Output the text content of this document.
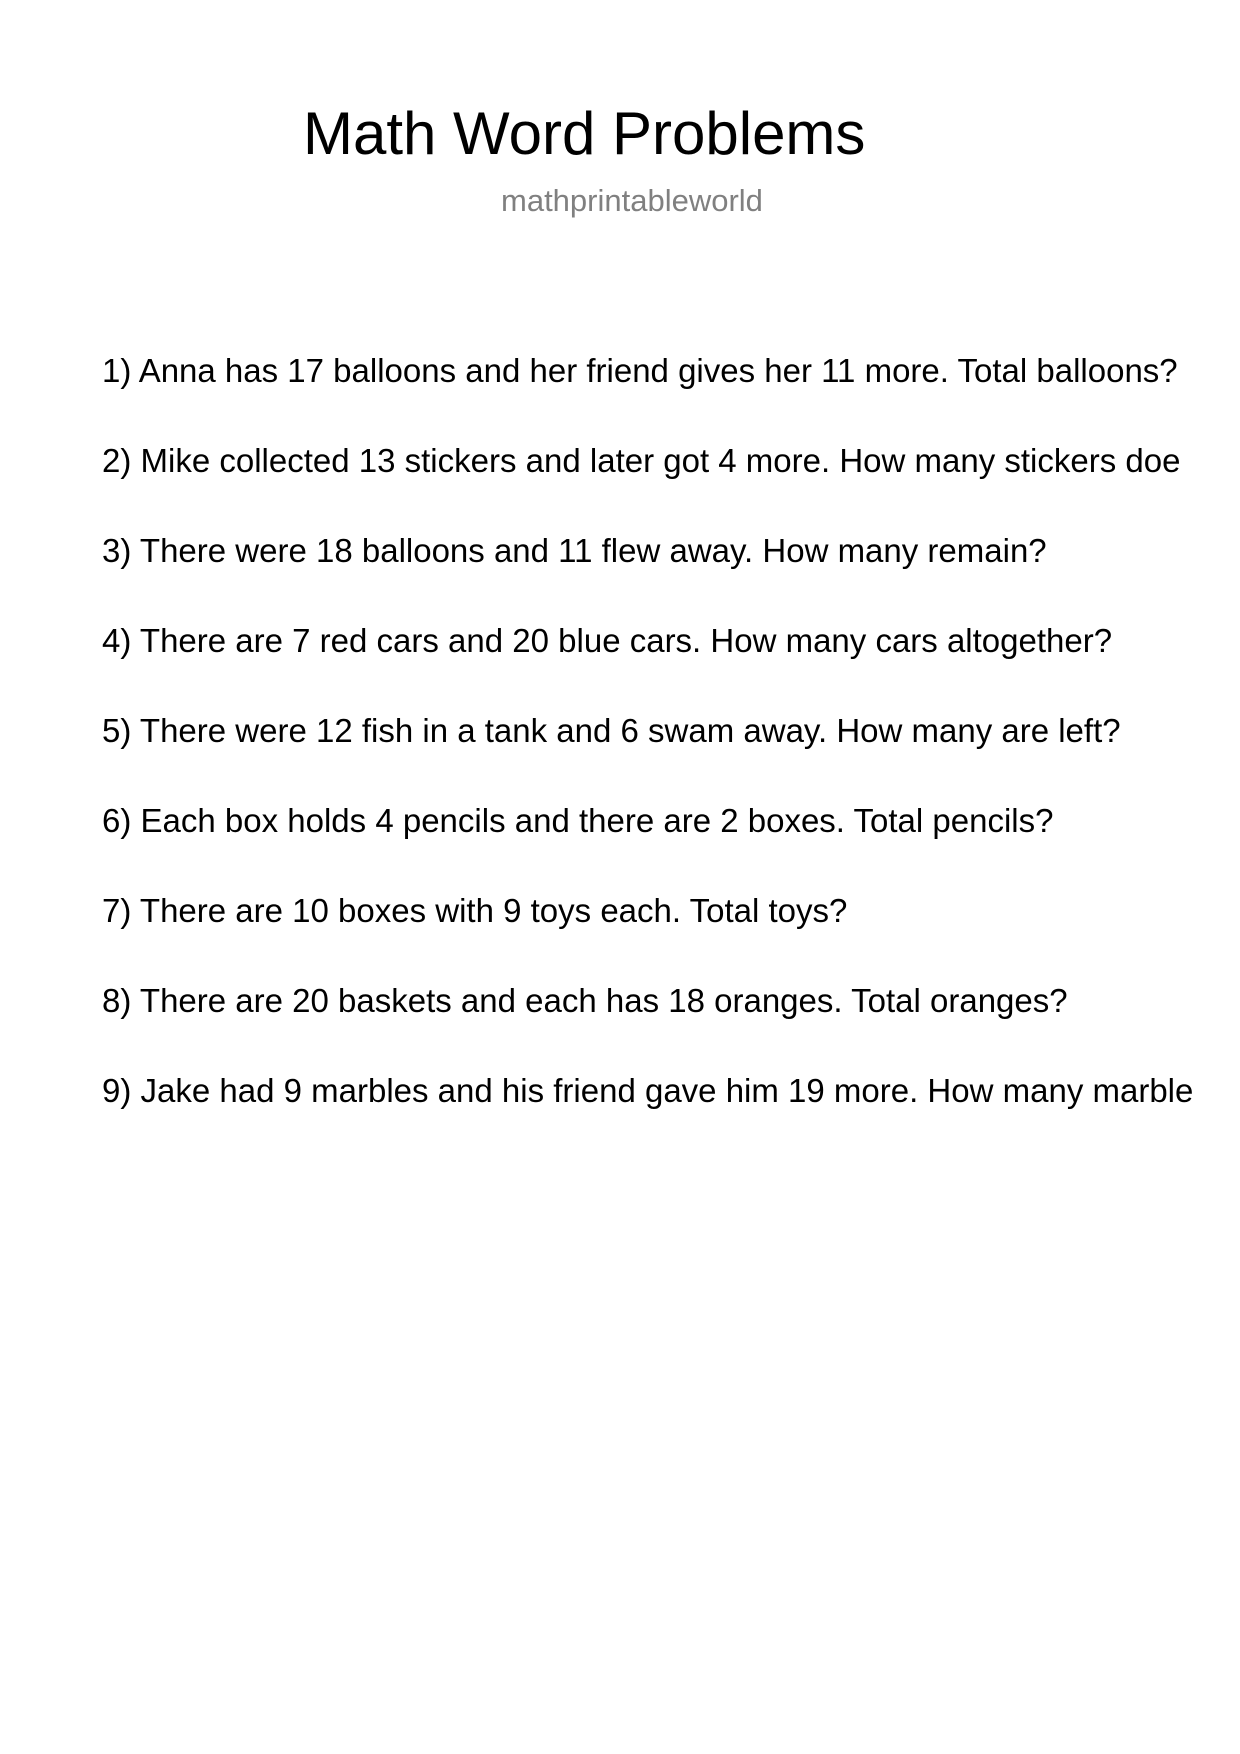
Math Word Problems
mathprintableworld
1) Anna has 17 balloons and her friend gives her 11 more. Total balloons?
2) Mike collected 13 stickers and later got 4 more. How many stickers doe
3) There were 18 balloons and 11 flew away. How many remain?
4) There are 7 red cars and 20 blue cars. How many cars altogether?
5) There were 12 fish in a tank and 6 swam away. How many are left?
6) Each box holds 4 pencils and there are 2 boxes. Total pencils?
7) There are 10 boxes with 9 toys each. Total toys?
8) There are 20 baskets and each has 18 oranges. Total oranges?
9) Jake had 9 marbles and his friend gave him 19 more. How many marble
